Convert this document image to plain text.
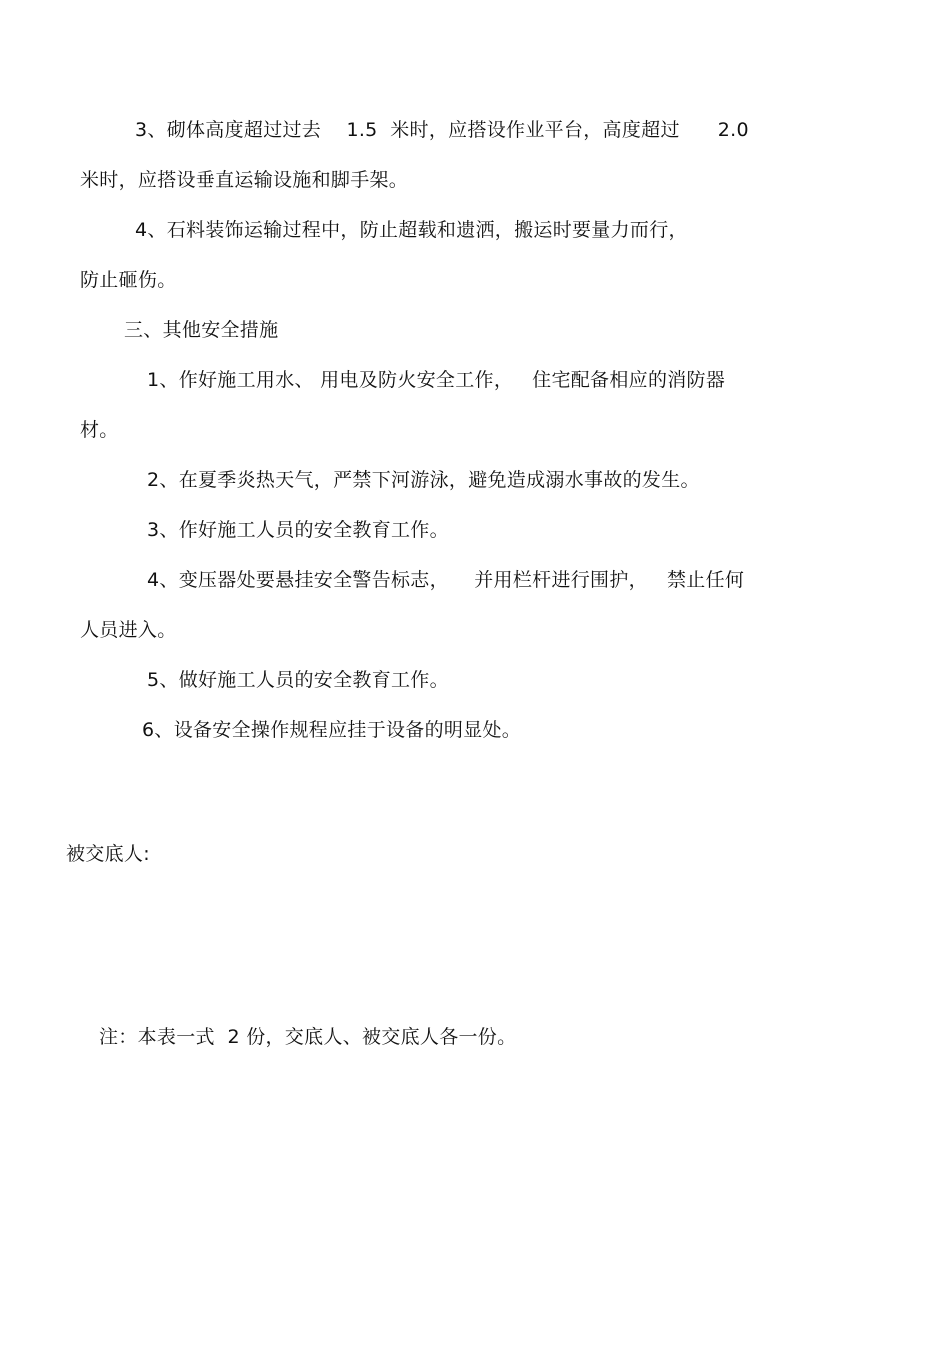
3、砌体高度超过过去    1.5  米时，应搭设作业平台，高度超过      2.0
米时，应搭设垂直运输设施和脚手架。
4、石料装饰运输过程中，防止超载和遗洒，搬运时要量力而行，
防止砸伤。
三、其他安全措施
1、作好施工用水、 用电及防火安全工作，   住宅配备相应的消防器
材。
2、在夏季炎热天气，严禁下河游泳，避免造成溺水事故的发生。
3、作好施工人员的安全教育工作。
4、变压器处要悬挂安全警告标志，    并用栏杆进行围护，   禁止任何
人员进入。
5、做好施工人员的安全教育工作。
6、设备安全操作规程应挂于设备的明显处。
被交底人:
注：本表一式  2 份，交底人、被交底人各一份。
